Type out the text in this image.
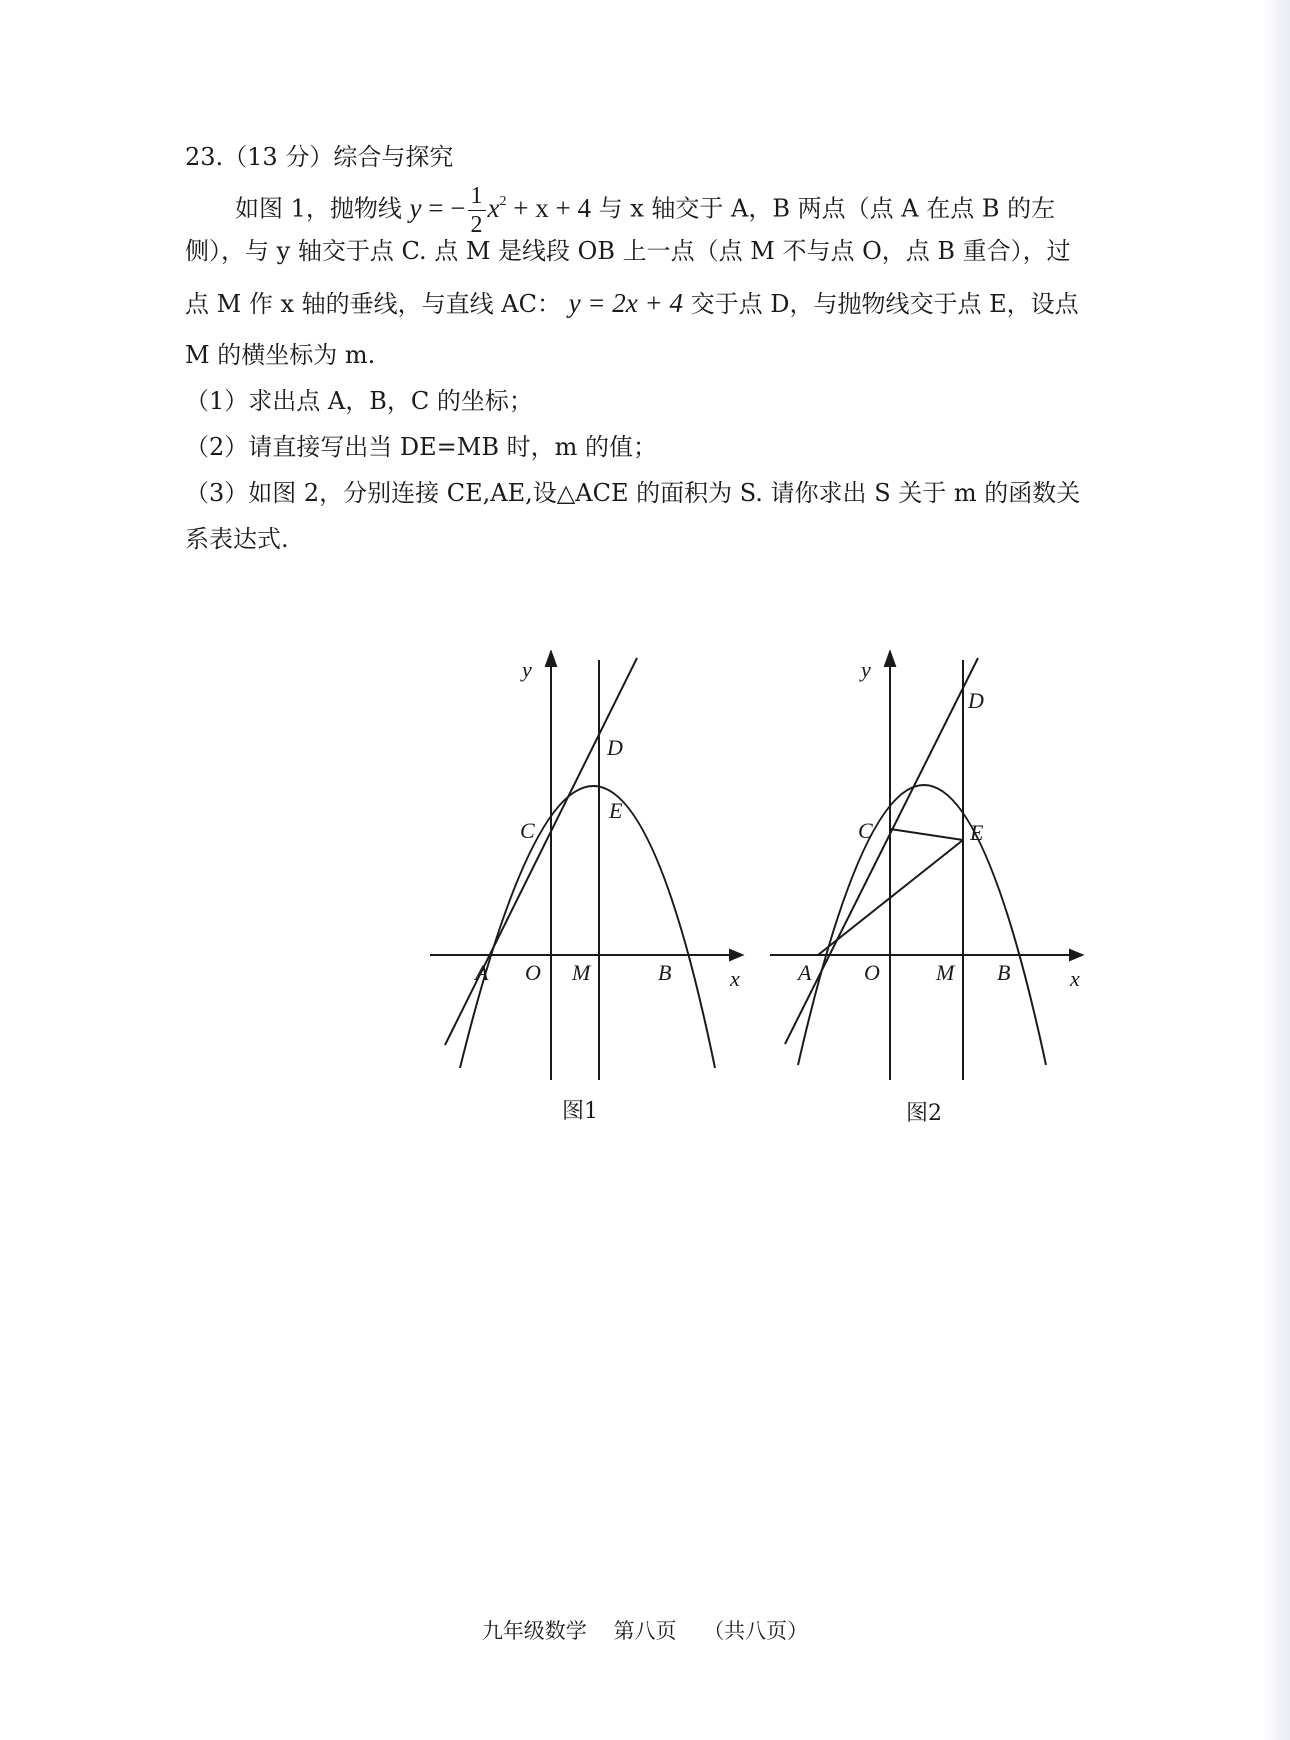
23.（13 分）综合与探究
如图 1，抛物线 y = − $\frac{1}{2} x^2 + x + 4$ 与 x 轴交于 A，B 两点（点 A 在点 B 的左
侧），与 y 轴交于点 C. 点 M 是线段 OB 上一点（点 M 不与点 O，点 B 重合），过
点 M 作 x 轴的垂线，与直线 AC： y = 2x + 4 交于点 D，与抛物线交于点 E，设点
M 的横坐标为 m.
（1）求出点 A，B，C 的坐标；
（2）请直接写出当 DE=MB 时，m 的值；
（3）如图 2，分别连接 CE,AE,设△ACE 的面积为 S. 请你求出 S 关于 m 的函数关
系表达式.
A O M	B	x
y
C
D
E
图1
A O	M B	x
y
C
D
E
图2
九年级数学 第八页 （共八页）
